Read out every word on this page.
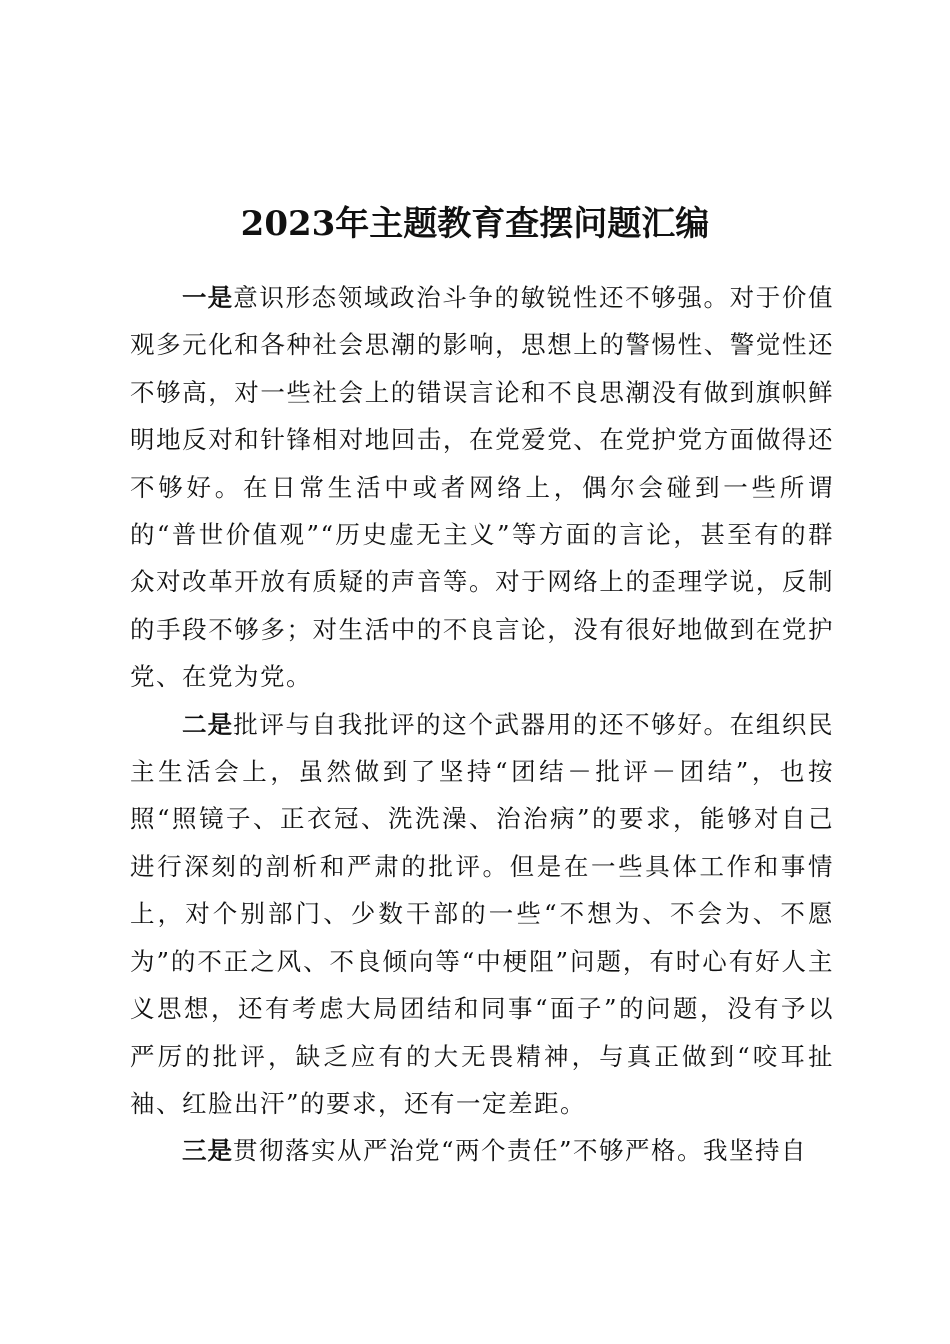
2023年主题教育查摆问题汇编

一是意识形态领域政治斗争的敏锐性还不够强。对于价值观多元化和各种社会思潮的影响，思想上的警惕性、警觉性还不够高，对一些社会上的错误言论和不良思潮没有做到旗帜鲜明地反对和针锋相对地回击，在党爱党、在党护党方面做得还不够好。在日常生活中或者网络上，偶尔会碰到一些所谓的“普世价值观”“历史虚无主义”等方面的言论，甚至有的群众对改革开放有质疑的声音等。对于网络上的歪理学说，反制的手段不够多；对生活中的不良言论，没有很好地做到在党护党、在党为党。

二是批评与自我批评的这个武器用的还不够好。在组织民主生活会上，虽然做到了坚持“团结－批评－团结”，也按照“照镜子、正衣冠、洗洗澡、治治病”的要求，能够对自己进行深刻的剖析和严肃的批评。但是在一些具体工作和事情上，对个别部门、少数干部的一些“不想为、不会为、不愿为”的不正之风、不良倾向等“中梗阻”问题，有时心有好人主义思想，还有考虑大局团结和同事“面子”的问题，没有予以严厉的批评，缺乏应有的大无畏精神，与真正做到“咬耳扯袖、红脸出汗”的要求，还有一定差距。

三是贯彻落实从严治党“两个责任”不够严格。我坚持自
